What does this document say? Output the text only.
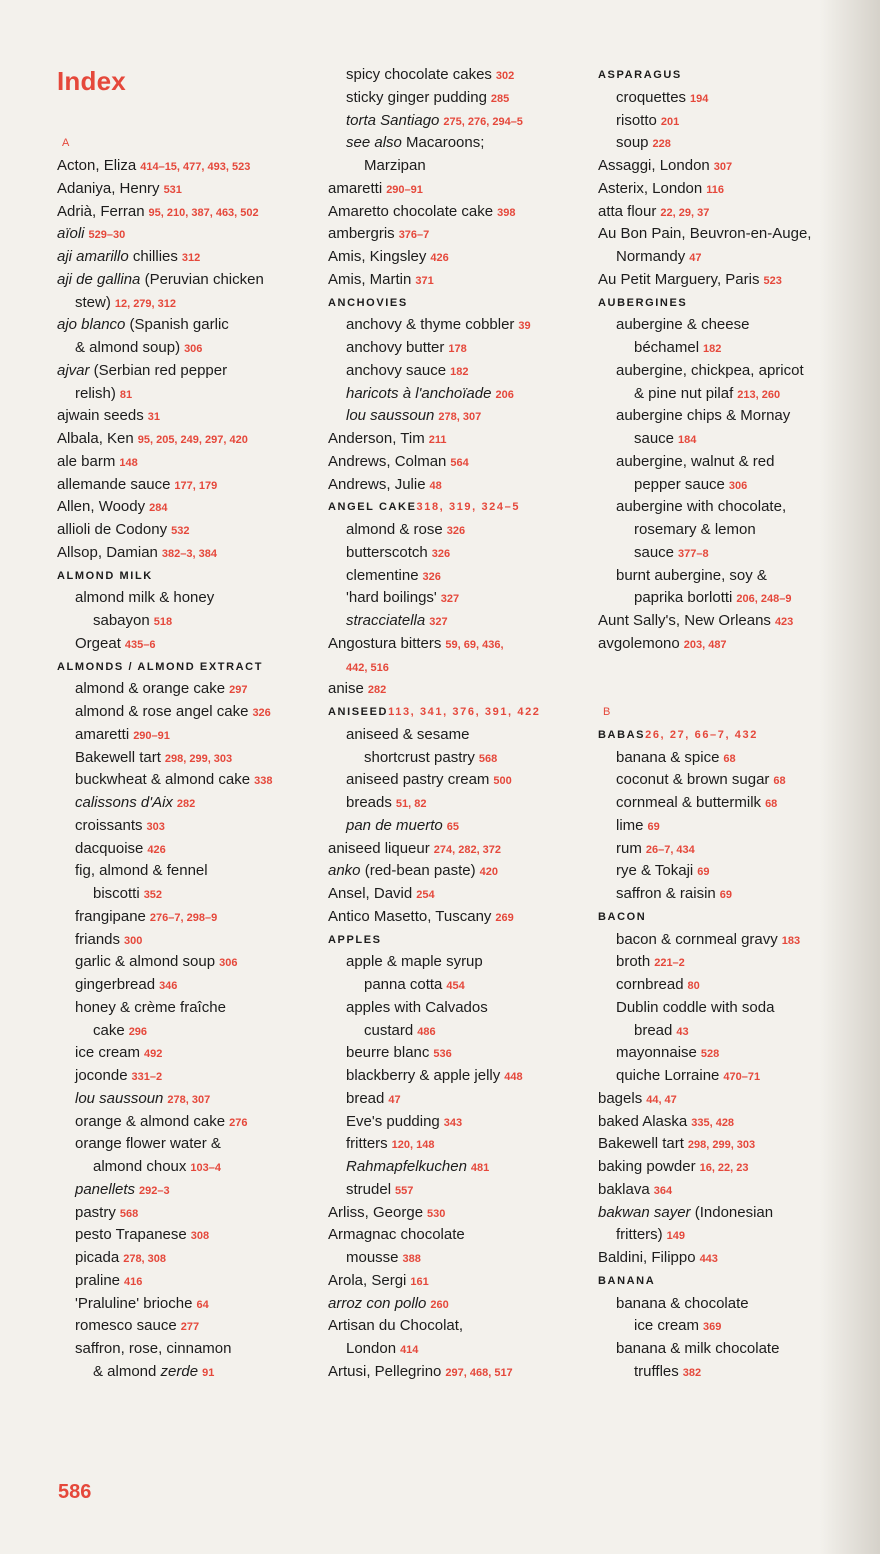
Index
A
Acton, Eliza 414–15, 477, 493, 523
Adaniya, Henry 531
Adrià, Ferran 95, 210, 387, 463, 502
aïoli 529–30
aji amarillo chillies 312
aji de gallina (Peruvian chicken
stew) 12, 279, 312
ajo blanco (Spanish garlic
& almond soup) 306
ajvar (Serbian red pepper
relish) 81
ajwain seeds 31
Albala, Ken 95, 205, 249, 297, 420
ale barm 148
allemande sauce 177, 179
Allen, Woody 284
allioli de Codony 532
Allsop, Damian 382–3, 384
ALMOND MILK
almond milk & honey
sabayon 518
Orgeat 435–6
ALMONDS / ALMOND EXTRACT
almond & orange cake 297
almond & rose angel cake 326
amaretti 290–91
Bakewell tart 298, 299, 303
buckwheat & almond cake 338
calissons d'Aix 282
croissants 303
dacquoise 426
fig, almond & fennel
biscotti 352
frangipane 276–7, 298–9
friands 300
garlic & almond soup 306
gingerbread 346
honey & crème fraîche
cake 296
ice cream 492
joconde 331–2
lou saussoun 278, 307
orange & almond cake 276
orange flower water &
almond choux 103–4
panellets 292–3
pastry 568
pesto Trapanese 308
picada 278, 308
praline 416
'Praluline' brioche 64
romesco sauce 277
saffron, rose, cinnamon
& almond zerde 91
spicy chocolate cakes 302
sticky ginger pudding 285
torta Santiago 275, 276, 294–5
see also Macaroons;
Marzipan
amaretti 290–91
Amaretto chocolate cake 398
ambergris 376–7
Amis, Kingsley 426
Amis, Martin 371
ANCHOVIES
anchovy & thyme cobbler 39
anchovy butter 178
anchovy sauce 182
haricots à l'anchoïade 206
lou saussoun 278, 307
Anderson, Tim 211
Andrews, Colman 564
Andrews, Julie 48
ANGEL CAKE318, 319, 324–5
almond & rose 326
butterscotch 326
clementine 326
'hard boilings' 327
stracciatella 327
Angostura bitters 59, 69, 436,
442, 516
anise 282
ANISEED113, 341, 376, 391, 422
aniseed & sesame
shortcrust pastry 568
aniseed pastry cream 500
breads 51, 82
pan de muerto 65
aniseed liqueur 274, 282, 372
anko (red-bean paste) 420
Ansel, David 254
Antico Masetto, Tuscany 269
APPLES
apple & maple syrup
panna cotta 454
apples with Calvados
custard 486
beurre blanc 536
blackberry & apple jelly 448
bread 47
Eve's pudding 343
fritters 120, 148
Rahmapfelkuchen 481
strudel 557
Arliss, George 530
Armagnac chocolate
mousse 388
Arola, Sergi 161
arroz con pollo 260
Artisan du Chocolat,
London 414
Artusi, Pellegrino 297, 468, 517
ASPARAGUS
croquettes 194
risotto 201
soup 228
Assaggi, London 307
Asterix, London 116
atta flour 22, 29, 37
Au Bon Pain, Beuvron-en-Auge,
Normandy 47
Au Petit Marguery, Paris 523
AUBERGINES
aubergine & cheese
béchamel 182
aubergine, chickpea, apricot
& pine nut pilaf 213, 260
aubergine chips & Mornay
sauce 184
aubergine, walnut & red
pepper sauce 306
aubergine with chocolate,
rosemary & lemon
sauce 377–8
burnt aubergine, soy &
paprika borlotti 206, 248–9
Aunt Sally's, New Orleans 423
avgolemono 203, 487
B
BABAS26, 27, 66–7, 432
banana & spice 68
coconut & brown sugar 68
cornmeal & buttermilk 68
lime 69
rum 26–7, 434
rye & Tokaji 69
saffron & raisin 69
BACON
bacon & cornmeal gravy 183
broth 221–2
cornbread 80
Dublin coddle with soda
bread 43
mayonnaise 528
quiche Lorraine 470–71
bagels 44, 47
baked Alaska 335, 428
Bakewell tart 298, 299, 303
baking powder 16, 22, 23
baklava 364
bakwan sayer (Indonesian
fritters) 149
Baldini, Filippo 443
BANANA
banana & chocolate
ice cream 369
banana & milk chocolate
truffles 382
586
